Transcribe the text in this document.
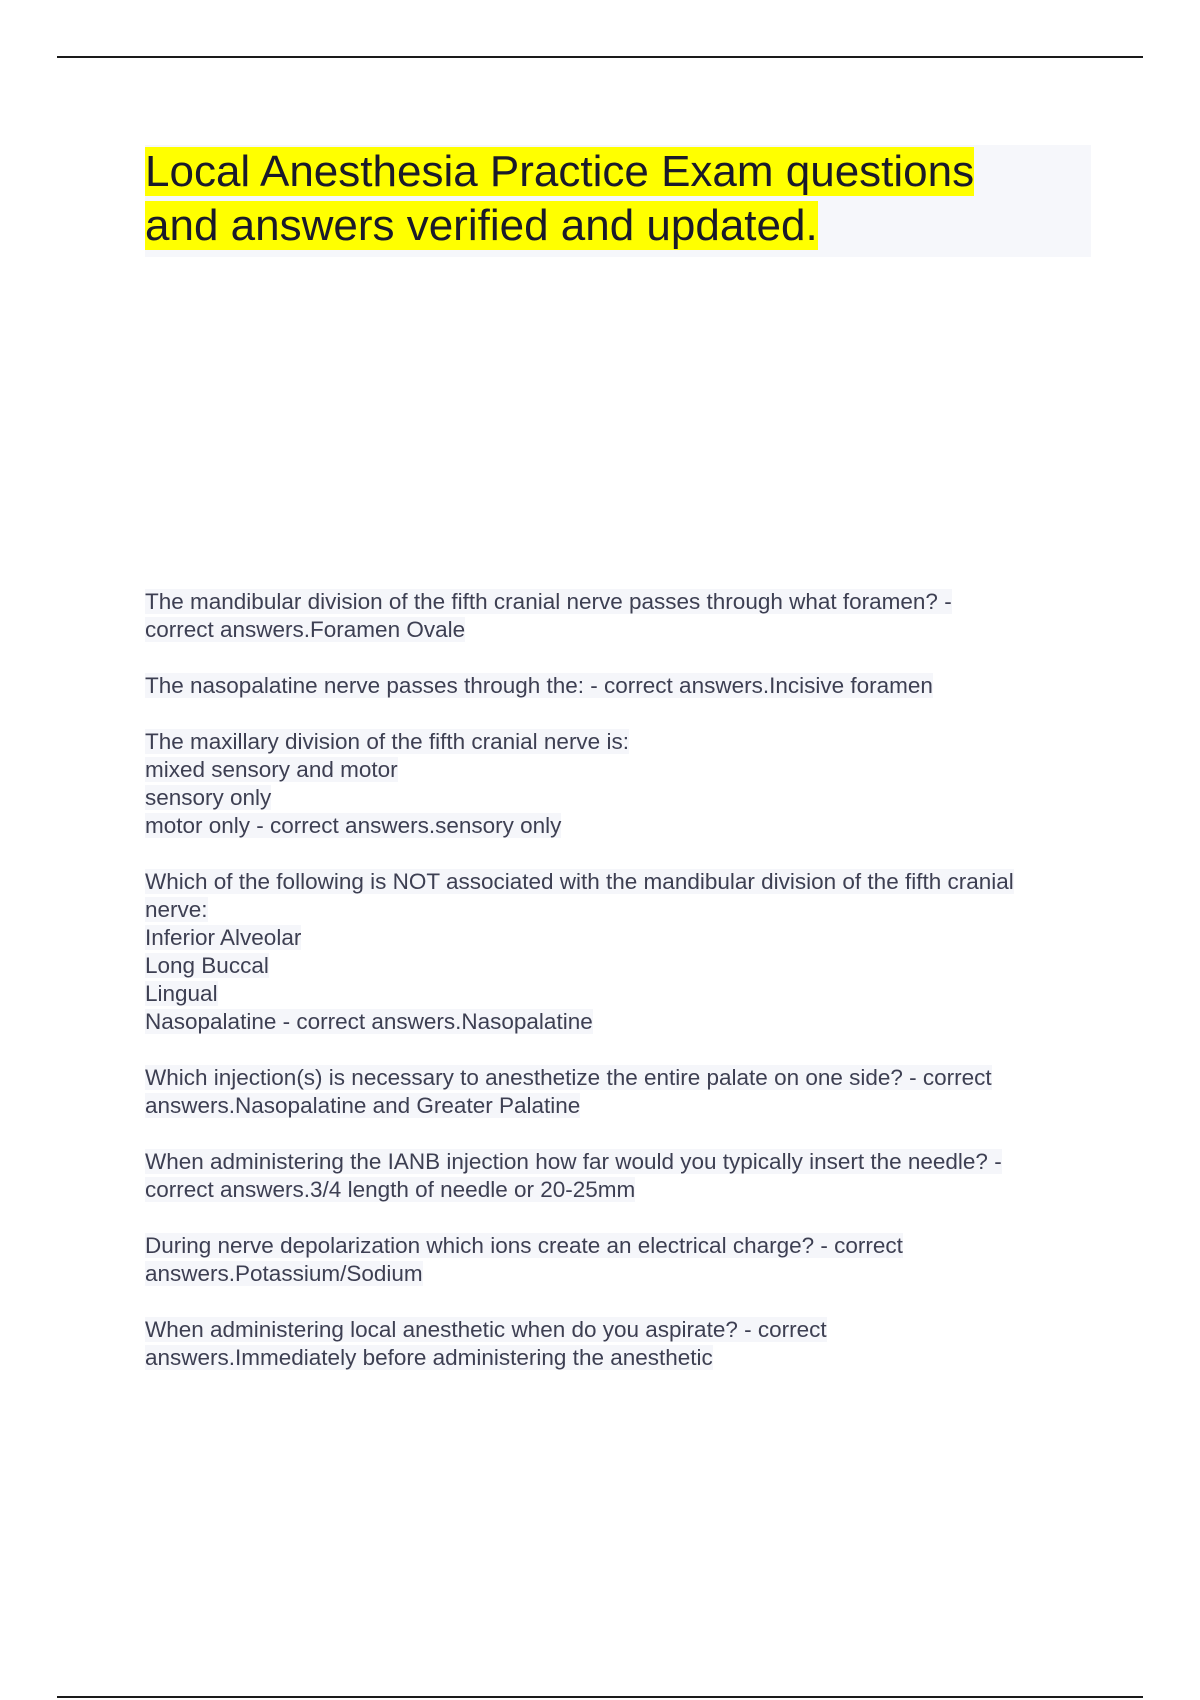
Local Anesthesia Practice Exam questions
and answers verified and updated.
The mandibular division of the fifth cranial nerve passes through what foramen? -
correct answers.Foramen Ovale
The nasopalatine nerve passes through the: - correct answers.Incisive foramen
The maxillary division of the fifth cranial nerve is:
mixed sensory and motor
sensory only
motor only - correct answers.sensory only
Which of the following is NOT associated with the mandibular division of the fifth cranial
nerve:
Inferior Alveolar
Long Buccal
Lingual
Nasopalatine - correct answers.Nasopalatine
Which injection(s) is necessary to anesthetize the entire palate on one side? - correct
answers.Nasopalatine and Greater Palatine
When administering the IANB injection how far would you typically insert the needle? -
correct answers.3/4 length of needle or 20-25mm
During nerve depolarization which ions create an electrical charge? - correct
answers.Potassium/Sodium
When administering local anesthetic when do you aspirate? - correct
answers.Immediately before administering the anesthetic
